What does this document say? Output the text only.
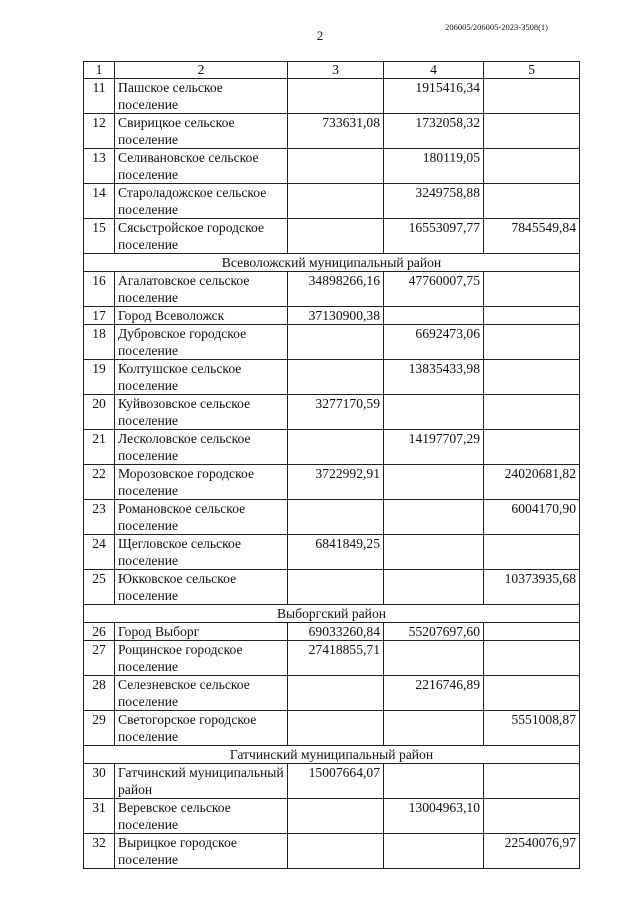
206005/206005-2023-3508(1)
2
1	2	3	4	5
11	Пашское сельское поселение		1915416,34	
12	Свирицкое сельское поселение	733631,08	1732058,32	
13	Селивановское сельское поселение		180119,05	
14	Староладожское сельское поселение		3249758,88	
15	Сясьстройское городское поселение		16553097,77	7845549,84
Всеволожский муниципальный район				
16	Агалатовское сельское поселение	34898266,16	47760007,75	
17	Город Всеволожск	37130900,38		
18	Дубровское городское поселение		6692473,06	
19	Колтушское сельское поселение		13835433,98	
20	Куйвозовское сельское поселение	3277170,59		
21	Лесколовское сельское поселение		14197707,29	
22	Морозовское городское поселение	3722992,91		24020681,82
23	Романовское сельское поселение			6004170,90
24	Щегловское сельское поселение	6841849,25		
25	Юкковское сельское поселение			10373935,68
Выборгский район				
26	Город Выборг	69033260,84	55207697,60	
27	Рощинское городское поселение	27418855,71		
28	Селезневское сельское поселение		2216746,89	
29	Светогорское городское поселение			5551008,87
Гатчинский муниципальный район				
30	Гатчинский муниципальный район	15007664,07		
31	Веревское сельское поселение		13004963,10	
32	Вырицкое городское поселение			22540076,97
